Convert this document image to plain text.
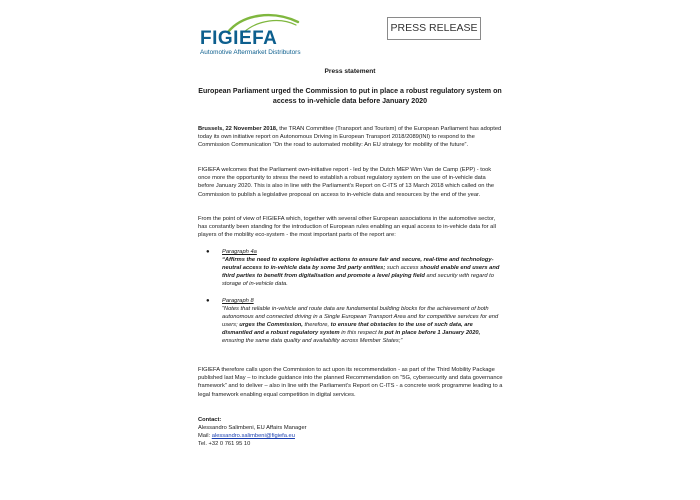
FIGIEFA
Automotive Aftermarket Distributors
PRESS RELEASE
Press statement
European Parliament urged the Commission to put in place a robust regulatory system on access to in-vehicle data before January 2020
Brussels, 22 November 2018, the TRAN Committee (Transport and Tourism) of the European Parliament has adopted today its own initiative report on Autonomous Driving in European Transport 2018/2089(INI) to respond to the Commission Communication “On the road to automated mobility: An EU strategy for mobility of the future”.
FIGIEFA welcomes that the Parliament own-initiative report - led by the Dutch MEP Wim Van de Camp (EPP) - took once more the opportunity to stress the need to establish a robust regulatory system on the use of in-vehicle data before January 2020. This is also in line with the Parliament’s Report on C-ITS of 13 March 2018 which called on the Commission to publish a legislative proposal on access to in-vehicle data and resources by the end of the year.
From the point of view of FIGIEFA which, together with several other European associations in the automotive sector, has constantly been standing for the introduction of European rules enabling an equal access to in-vehicle data for all players of the mobility eco-system - the most important parts of the report are:
● Paragraph 4a
“Affirms the need to explore legislative actions to ensure fair and secure, real-time and technology-neutral access to in-vehicle data by some 3rd party entities; such access should enable end users and third parties to benefit from digitalisation and promote a level playing field and security with regard to storage of in-vehicle data.
● Paragraph 8
“Notes that reliable in-vehicle and route data are fundamental building blocks for the achievement of both autonomous and connected driving in a Single European Transport Area and for competitive services for end users; urges the Commission, therefore, to ensure that obstacles to the use of such data, are dismantled and a robust regulatory system in this respect is put in place before 1 January 2020, ensuring the same data quality and availability across Member States;”
FIGIEFA therefore calls upon the Commission to act upon its recommendation - as part of the Third Mobility Package published last May – to include guidance into the planned Recommendation on “5G, cybersecurity and data governance framework” and to deliver – also in line with the Parliament’s Report on C-ITS - a concrete work programme leading to a legal framework enabling equal competition in digital services.
Contact:
Alessandro Salimbeni, EU Affairs Manager
Mail: alessandro.salimbeni@figiefa.eu
Tel. +32 0 761 95 10
